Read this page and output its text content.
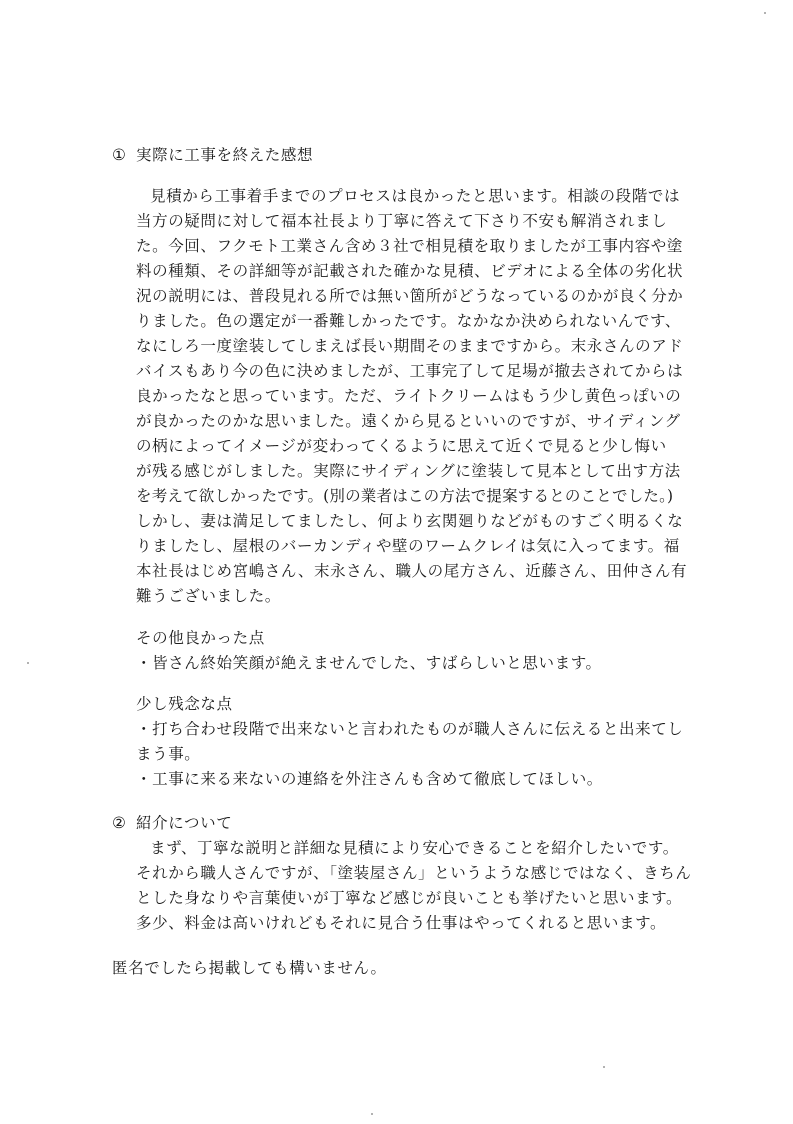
① 実際に工事を終えた感想
見積から工事着手までのプロセスは良かったと思います。相談の段階では
当方の疑問に対して福本社長より丁寧に答えて下さり不安も解消されまし
た。今回、フクモト工業さん含め３社で相見積を取りましたが工事内容や塗
料の種類、その詳細等が記載された確かな見積、ビデオによる全体の劣化状
況の説明には、普段見れる所では無い箇所がどうなっているのかが良く分か
りました。色の選定が一番難しかったです。なかなか決められないんです、
なにしろ一度塗装してしまえば長い期間そのままですから。末永さんのアド
バイスもあり今の色に決めましたが、工事完了して足場が撤去されてからは
良かったなと思っています。ただ、ライトクリームはもう少し黄色っぽいの
が良かったのかな思いました。遠くから見るといいのですが、サイディング
の柄によってイメージが変わってくるように思えて近くで見ると少し悔い
が残る感じがしました。実際にサイディングに塗装して見本として出す方法
を考えて欲しかったです。(別の業者はこの方法で提案するとのことでした。)
しかし、妻は満足してましたし、何より玄関廻りなどがものすごく明るくな
りましたし、屋根のバーカンディや壁のワームクレイは気に入ってます。福
本社長はじめ宮嶋さん、末永さん、職人の尾方さん、近藤さん、田仲さん有
難うございました。
その他良かった点
・皆さん終始笑顔が絶えませんでした、すばらしいと思います。
少し残念な点
・打ち合わせ段階で出来ないと言われたものが職人さんに伝えると出来てし
まう事。
・工事に来る来ないの連絡を外注さんも含めて徹底してほしい。
② 紹介について
まず、丁寧な説明と詳細な見積により安心できることを紹介したいです。
それから職人さんですが、「塗装屋さん」というような感じではなく、きちん
とした身なりや言葉使いが丁寧など感じが良いことも挙げたいと思います。
多少、料金は高いけれどもそれに見合う仕事はやってくれると思います。
匿名でしたら掲載しても構いません。
